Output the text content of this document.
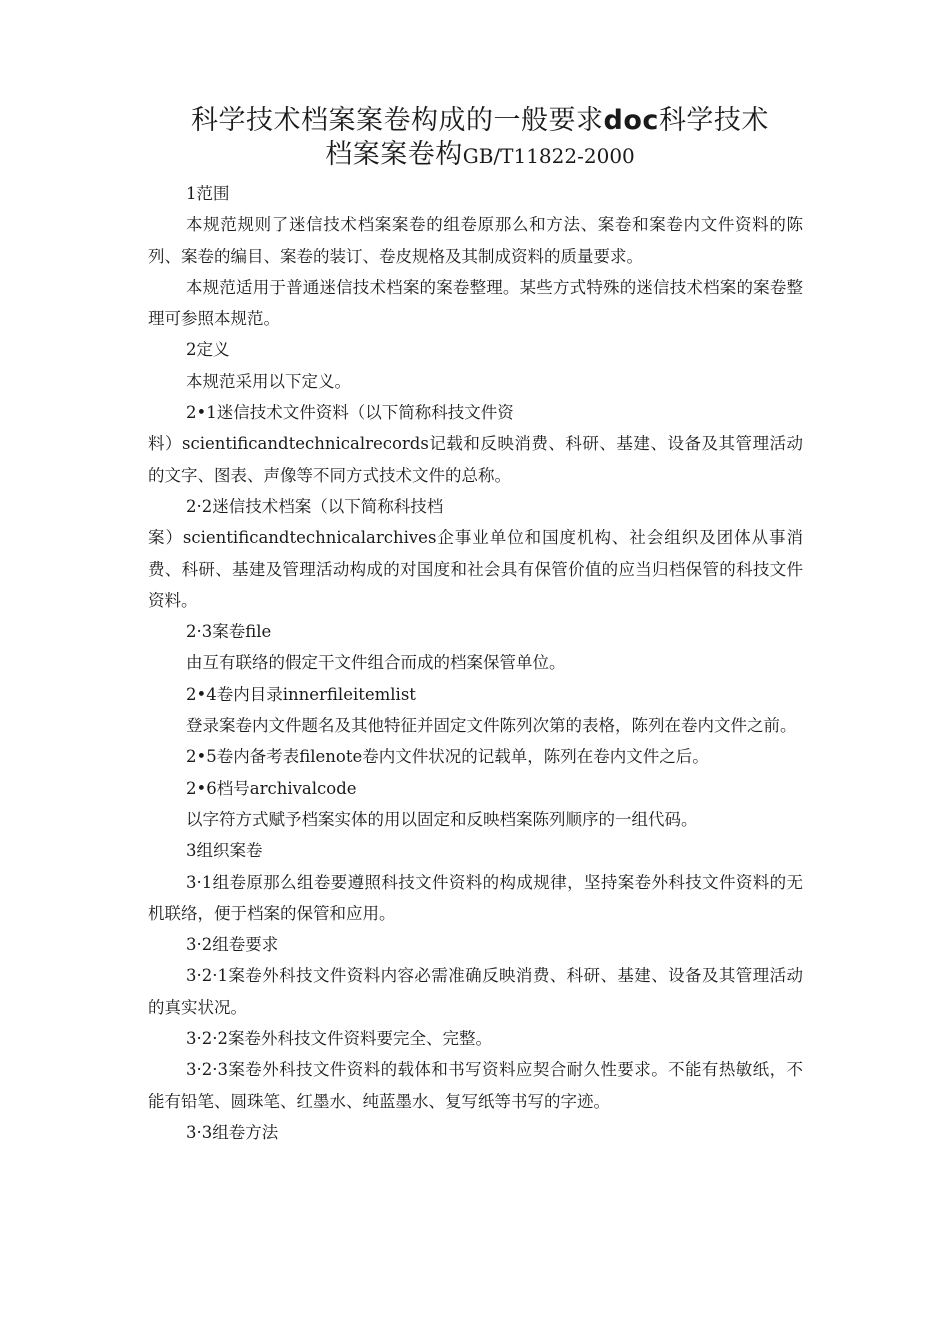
科学技术档案案卷构成的一般要求doc科学技术
档案案卷构GB/T11822-2000

1范围

本规范规则了迷信技术档案案卷的组卷原那么和方法、案卷和案卷内文件资料的陈列、案卷的编目、案卷的装订、卷皮规格及其制成资料的质量要求。

本规范适用于普通迷信技术档案的案卷整理。某些方式特殊的迷信技术档案的案卷整理可参照本规范。

2定义

本规范采用以下定义。

2•1迷信技术文件资料（以下简称科技文件资

料）scientificandtechnicalrecords记载和反映消费、科研、基建、设备及其管理活动的文字、图表、声像等不同方式技术文件的总称。

2·2迷信技术档案（以下简称科技档

案）scientificandtechnicalarchives企事业单位和国度机构、社会组织及团体从事消费、科研、基建及管理活动构成的对国度和社会具有保管价值的应当归档保管的科技文件资料。

2·3案卷file

由互有联络的假定干文件组合而成的档案保管单位。

2•4卷内目录innerfileitemlist

登录案卷内文件题名及其他特征并固定文件陈列次第的表格，陈列在卷内文件之前。

2•5卷内备考表filenote卷内文件状况的记载单，陈列在卷内文件之后。

2•6档号archivalcode

以字符方式赋予档案实体的用以固定和反映档案陈列顺序的一组代码。

3组织案卷

3·1组卷原那么组卷要遵照科技文件资料的构成规律，坚持案卷外科技文件资料的无机联络，便于档案的保管和应用。

3·2组卷要求

3·2·1案卷外科技文件资料内容必需准确反映消费、科研、基建、设备及其管理活动的真实状况。

3·2·2案卷外科技文件资料要完全、完整。

3·2·3案卷外科技文件资料的载体和书写资料应契合耐久性要求。不能有热敏纸，不能有铅笔、圆珠笔、红墨水、纯蓝墨水、复写纸等书写的字迹。

3·3组卷方法
